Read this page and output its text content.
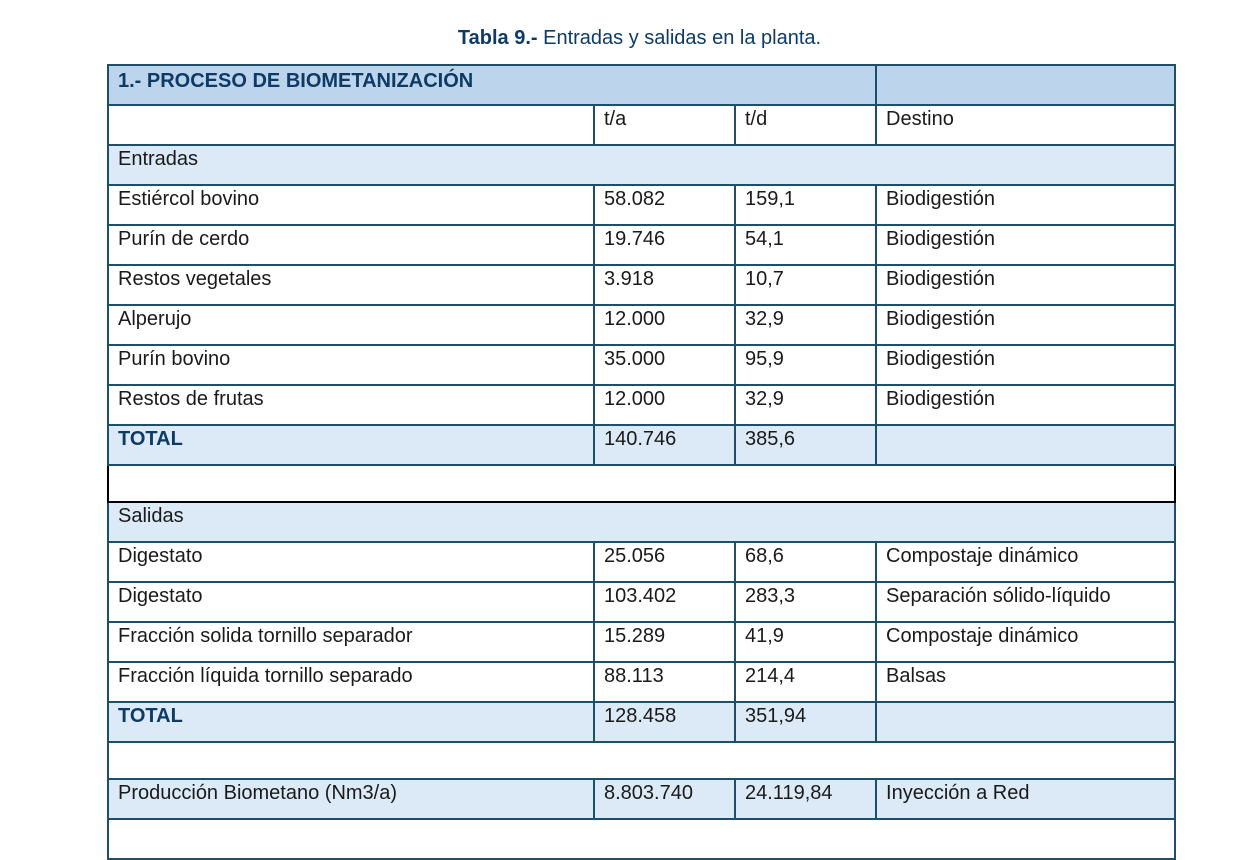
Tabla 9.- Entradas y salidas en la planta.
1.- PROCESO DE BIOMETANIZACIÓN			
	t/a	t/d	Destino
Entradas			
Estiércol bovino	58.082	159,1	Biodigestión
Purín de cerdo	19.746	54,1	Biodigestión
Restos vegetales	3.918	10,7	Biodigestión
Alperujo	12.000	32,9	Biodigestión
Purín bovino	35.000	95,9	Biodigestión
Restos de frutas	12.000	32,9	Biodigestión
TOTAL	140.746	385,6	

Salidas			
Digestato	25.056	68,6	Compostaje dinámico
Digestato	103.402	283,3	Separación sólido-líquido
Fracción solida tornillo separador	15.289	41,9	Compostaje dinámico
Fracción líquida tornillo separado	88.113	214,4	Balsas
TOTAL	128.458	351,94	

Producción Biometano (Nm3/a)	8.803.740	24.119,84	Inyección a Red
